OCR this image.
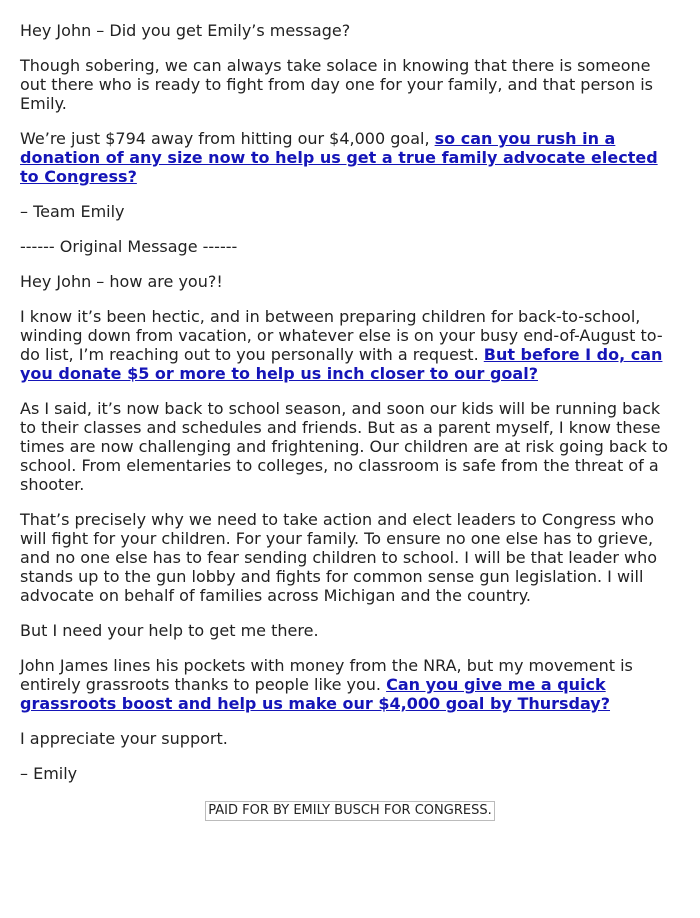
Hey John – Did you get Emily’s message?

Though sobering, we can always take solace in knowing that there is someone out there who is ready to fight from day one for your family, and that person is Emily.

We’re just $794 away from hitting our $4,000 goal, so can you rush in a donation of any size now to help us get a true family advocate elected to Congress?

– Team Emily

------ Original Message ------

Hey John – how are you?!

I know it’s been hectic, and in between preparing children for back-to-school, winding down from vacation, or whatever else is on your busy end-of-August to-do list, I’m reaching out to you personally with a request. But before I do, can you donate $5 or more to help us inch closer to our goal?

As I said, it’s now back to school season, and soon our kids will be running back to their classes and schedules and friends. But as a parent myself, I know these times are now challenging and frightening. Our children are at risk going back to school. From elementaries to colleges, no classroom is safe from the threat of a shooter.

That’s precisely why we need to take action and elect leaders to Congress who will fight for your children. For your family. To ensure no one else has to grieve, and no one else has to fear sending children to school. I will be that leader who stands up to the gun lobby and fights for common sense gun legislation. I will advocate on behalf of families across Michigan and the country.

But I need your help to get me there.

John James lines his pockets with money from the NRA, but my movement is entirely grassroots thanks to people like you. Can you give me a quick grassroots boost and help us make our $4,000 goal by Thursday?

I appreciate your support.

– Emily

PAID FOR BY EMILY BUSCH FOR CONGRESS.
